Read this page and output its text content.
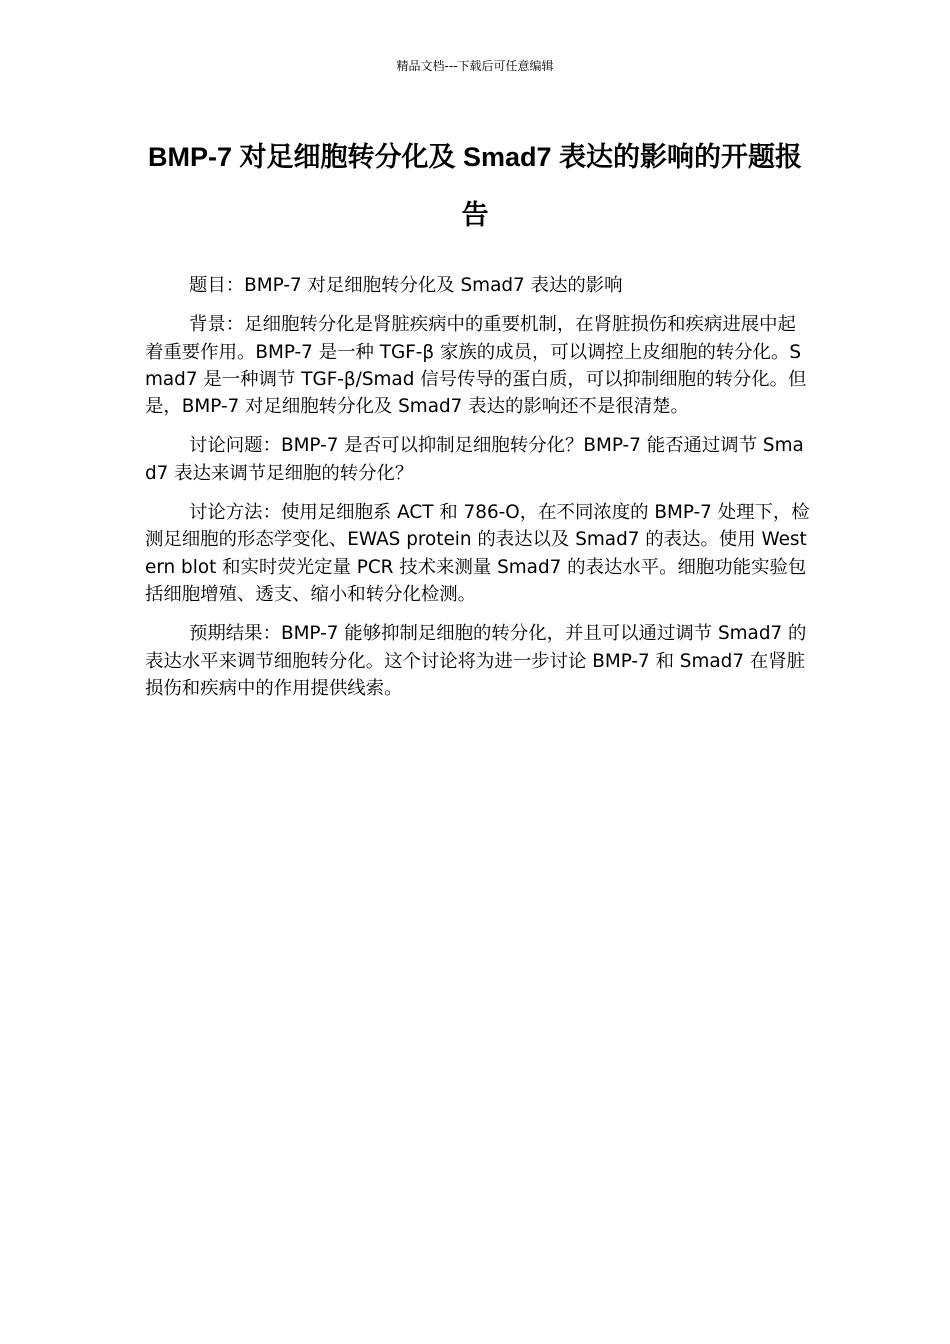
精品文档---下载后可任意编辑
BMP-7 对足细胞转分化及 Smad7 表达的影响的开题报告

题目：BMP-7 对足细胞转分化及 Smad7 表达的影响

背景：足细胞转分化是肾脏疾病中的重要机制，在肾脏损伤和疾病进展中起着重要作用。BMP-7 是一种 TGF-β 家族的成员，可以调控上皮细胞的转分化。Smad7 是一种调节 TGF-β/Smad 信号传导的蛋白质，可以抑制细胞的转分化。但是，BMP-7 对足细胞转分化及 Smad7 表达的影响还不是很清楚。

讨论问题：BMP-7 是否可以抑制足细胞转分化？BMP-7 能否通过调节 Smad7 表达来调节足细胞的转分化？

讨论方法：使用足细胞系 ACT 和 786-O，在不同浓度的 BMP-7 处理下，检测足细胞的形态学变化、EWAS protein 的表达以及 Smad7 的表达。使用 Western blot 和实时荧光定量 PCR 技术来测量 Smad7 的表达水平。细胞功能实验包括细胞增殖、透支、缩小和转分化检测。

预期结果：BMP-7 能够抑制足细胞的转分化，并且可以通过调节 Smad7 的表达水平来调节细胞转分化。这个讨论将为进一步讨论 BMP-7 和 Smad7 在肾脏损伤和疾病中的作用提供线索。
